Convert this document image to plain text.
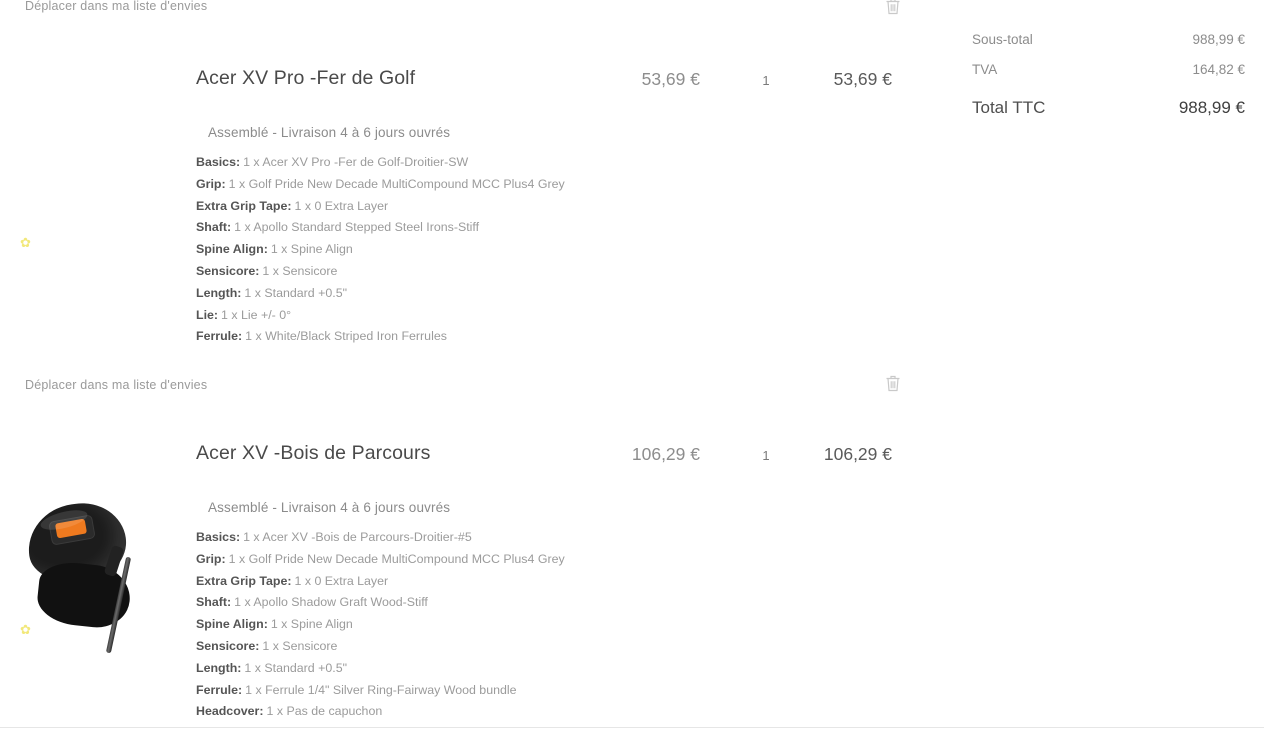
Déplacer dans ma liste d'envies
✿
Acer XV Pro -Fer de Golf	53,69 €	1	53,69 €
Assemblé - Livraison 4 à 6 jours ouvrés
Basics: 1 x Acer XV Pro -Fer de Golf-Droitier-SW
Grip: 1 x Golf Pride New Decade MultiCompound MCC Plus4 Grey
Extra Grip Tape: 1 x 0 Extra Layer
Shaft: 1 x Apollo Standard Stepped Steel Irons-Stiff
Spine Align: 1 x Spine Align
Sensicore: 1 x Sensicore
Length: 1 x Standard +0.5"
Lie: 1 x Lie +/- 0°
Ferrule: 1 x White/Black Striped Iron Ferrules
Déplacer dans ma liste d'envies
✿
Acer XV -Bois de Parcours	106,29 €	1	106,29 €
Assemblé - Livraison 4 à 6 jours ouvrés
Basics: 1 x Acer XV -Bois de Parcours-Droitier-#5
Grip: 1 x Golf Pride New Decade MultiCompound MCC Plus4 Grey
Extra Grip Tape: 1 x 0 Extra Layer
Shaft: 1 x Apollo Shadow Graft Wood-Stiff
Spine Align: 1 x Spine Align
Sensicore: 1 x Sensicore
Length: 1 x Standard +0.5"
Ferrule: 1 x Ferrule 1/4" Silver Ring-Fairway Wood bundle
Headcover: 1 x Pas de capuchon
Sous-total	988,99 €
TVA	164,82 €
Total TTC	988,99 €
